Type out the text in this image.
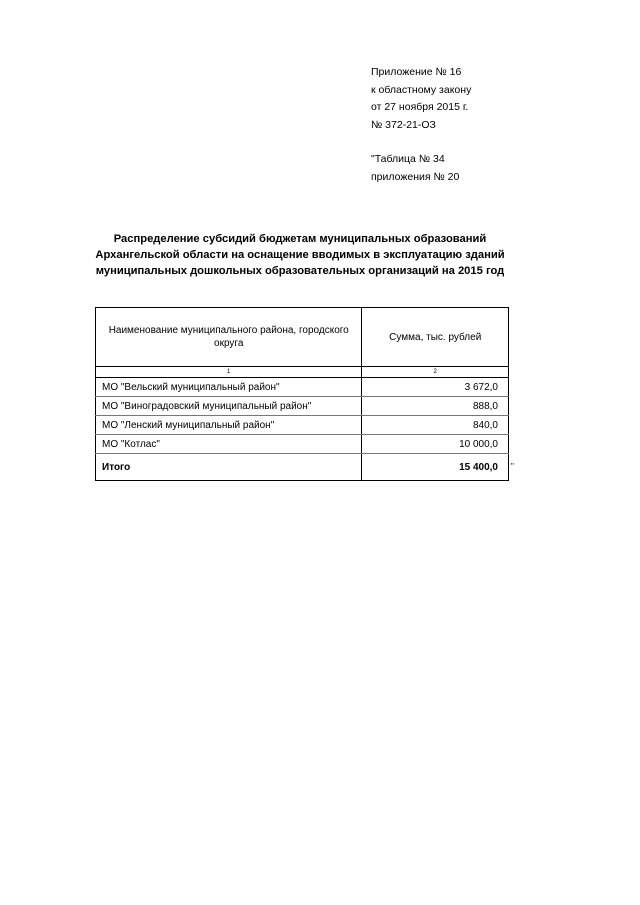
Приложение № 16
к областному закону
от 27 ноября 2015 г.
№ 372-21-ОЗ
"Таблица № 34
приложения № 20
Распределение субсидий бюджетам муниципальных образований
Архангельской области на оснащение вводимых в эксплуатацию зданий
муниципальных дошкольных образовательных организаций на 2015 год
Наименование муниципального района, городского округа	Сумма, тыс. рублей
1	2
МО "Вельский муниципальный район"	3 672,0
МО "Виноградовский муниципальный район"	888,0
МО "Ленский муниципальный район"	840,0
МО "Котлас"	10 000,0
Итого	15 400,0 "
